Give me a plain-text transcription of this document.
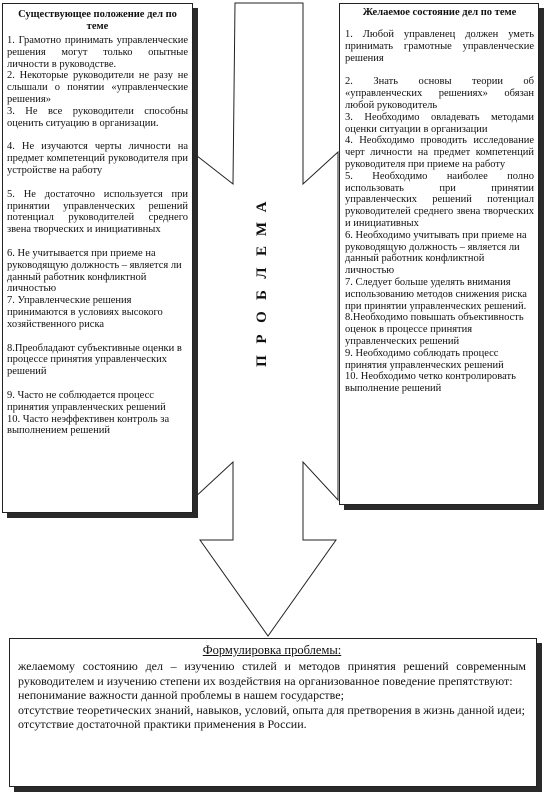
А
М
Е
Л
Б
О
Р
П

Существующее положение дел по теме

1. Грамотно принимать управленческие решения могут только опытные личности в руководстве.

2. Некоторые руководители не разу не слышали о понятии «управленческие решения»

3. Не все руководители способны оценить ситуацию в организации.

4. Не изучаются черты личности на предмет компетенций руководителя при устройстве на работу

5. Не достаточно используется при принятии управленческих решений потенциал руководителей среднего звена творческих и инициативных

6. Не учитывается при приеме на руководящую должность – является ли данный работник конфликтной личностью

7. Управленческие решения принимаются в условиях высокого хозяйственного риска

8.Преобладают субъективные оценки в процессе принятия управленческих решений

9. Часто не соблюдается процесс принятия управленческих решений

10. Часто неэффективен контроль за выполнением решений

Желаемое состояние дел по теме

1. Любой управленец должен уметь принимать грамотные управленческие решения

2. Знать основы теории об «управленческих решениях» обязан любой руководитель

3. Необходимо овладевать методами оценки ситуации в организации

4. Необходимо проводить исследование черт личности на предмет компетенций руководителя при приеме на работу

5. Необходимо наиболее полно использовать при принятии управленческих решений потенциал руководителей среднего звена творческих и инициативных

6. Необходимо учитывать при приеме на руководящую должность – является ли данный работник конфликтной личностью

7. Следует больше уделять внимания использованию методов снижения риска при принятии управленческих решений.

8.Необходимо повышать объективность оценок в процессе принятия управленческих решений

9. Необходимо соблюдать процесс принятия управленческих решений

10. Необходимо четко контролировать выполнение решений

Формулировка проблемы:

желаемому состоянию дел – изучению стилей и методов принятия решений современным руководителем и изучению степени их воздействия на организованное поведение препятствуют:

непонимание важности данной проблемы в нашем государстве;

отсутствие теоретических знаний, навыков, условий, опыта для претворения в жизнь данной идеи;

отсутствие достаточной практики применения в России.
